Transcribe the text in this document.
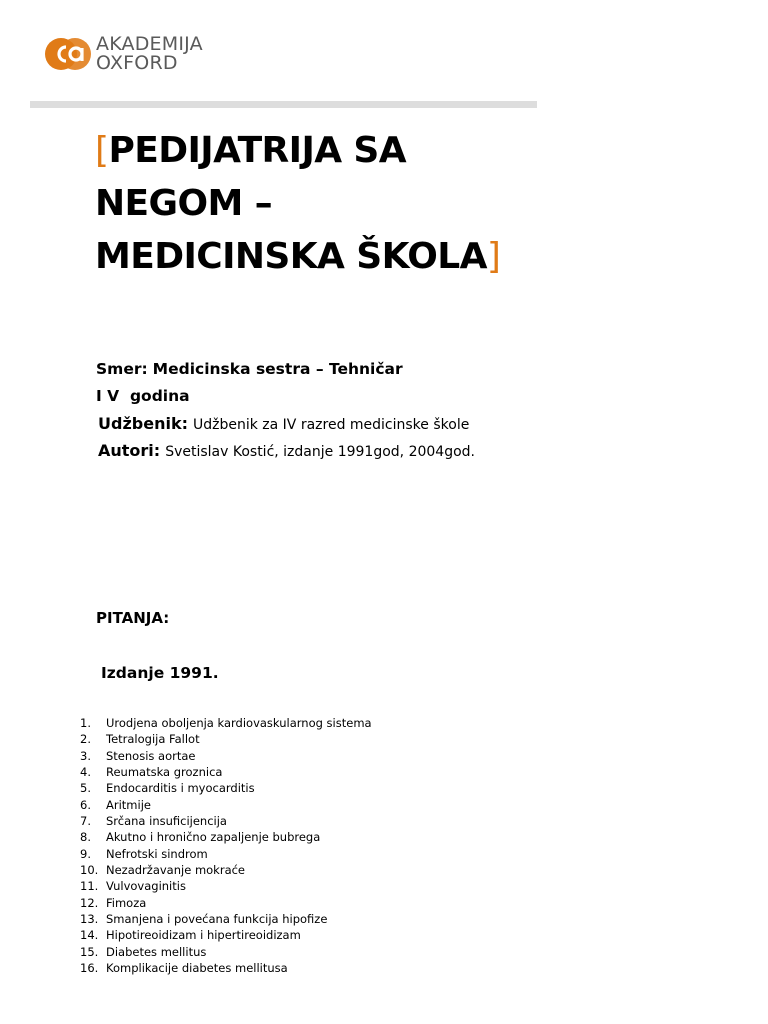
AKADEMIJA
OXFORD
[PEDIJATRIJA SA
NEGOM –
MEDICINSKA ŠKOLA]
Smer: Medicinska sestra – Tehničar
I V  godina
Udžbenik: Udžbenik za IV razred medicinske škole
Autori: Svetislav Kostić, izdanje 1991god, 2004god.
PITANJA:
Izdanje 1991.
1.	Urodjena oboljenja kardiovaskularnog sistema
2.	Tetralogija Fallot
3.	Stenosis aortae
4.	Reumatska groznica
5.	Endocarditis i myocarditis
6.	Aritmije
7.	Srčana insuficijencija
8.	Akutno i hronično zapaljenje bubrega
9.	Nefrotski sindrom
10. Nezadržavanje mokraće
11. Vulvovaginitis
12. Fimoza
13. Smanjena i povećana funkcija hipofize
14. Hipotireoidizam i hipertireoidizam
15. Diabetes mellitus
16. Komplikacije diabetes mellitusa
